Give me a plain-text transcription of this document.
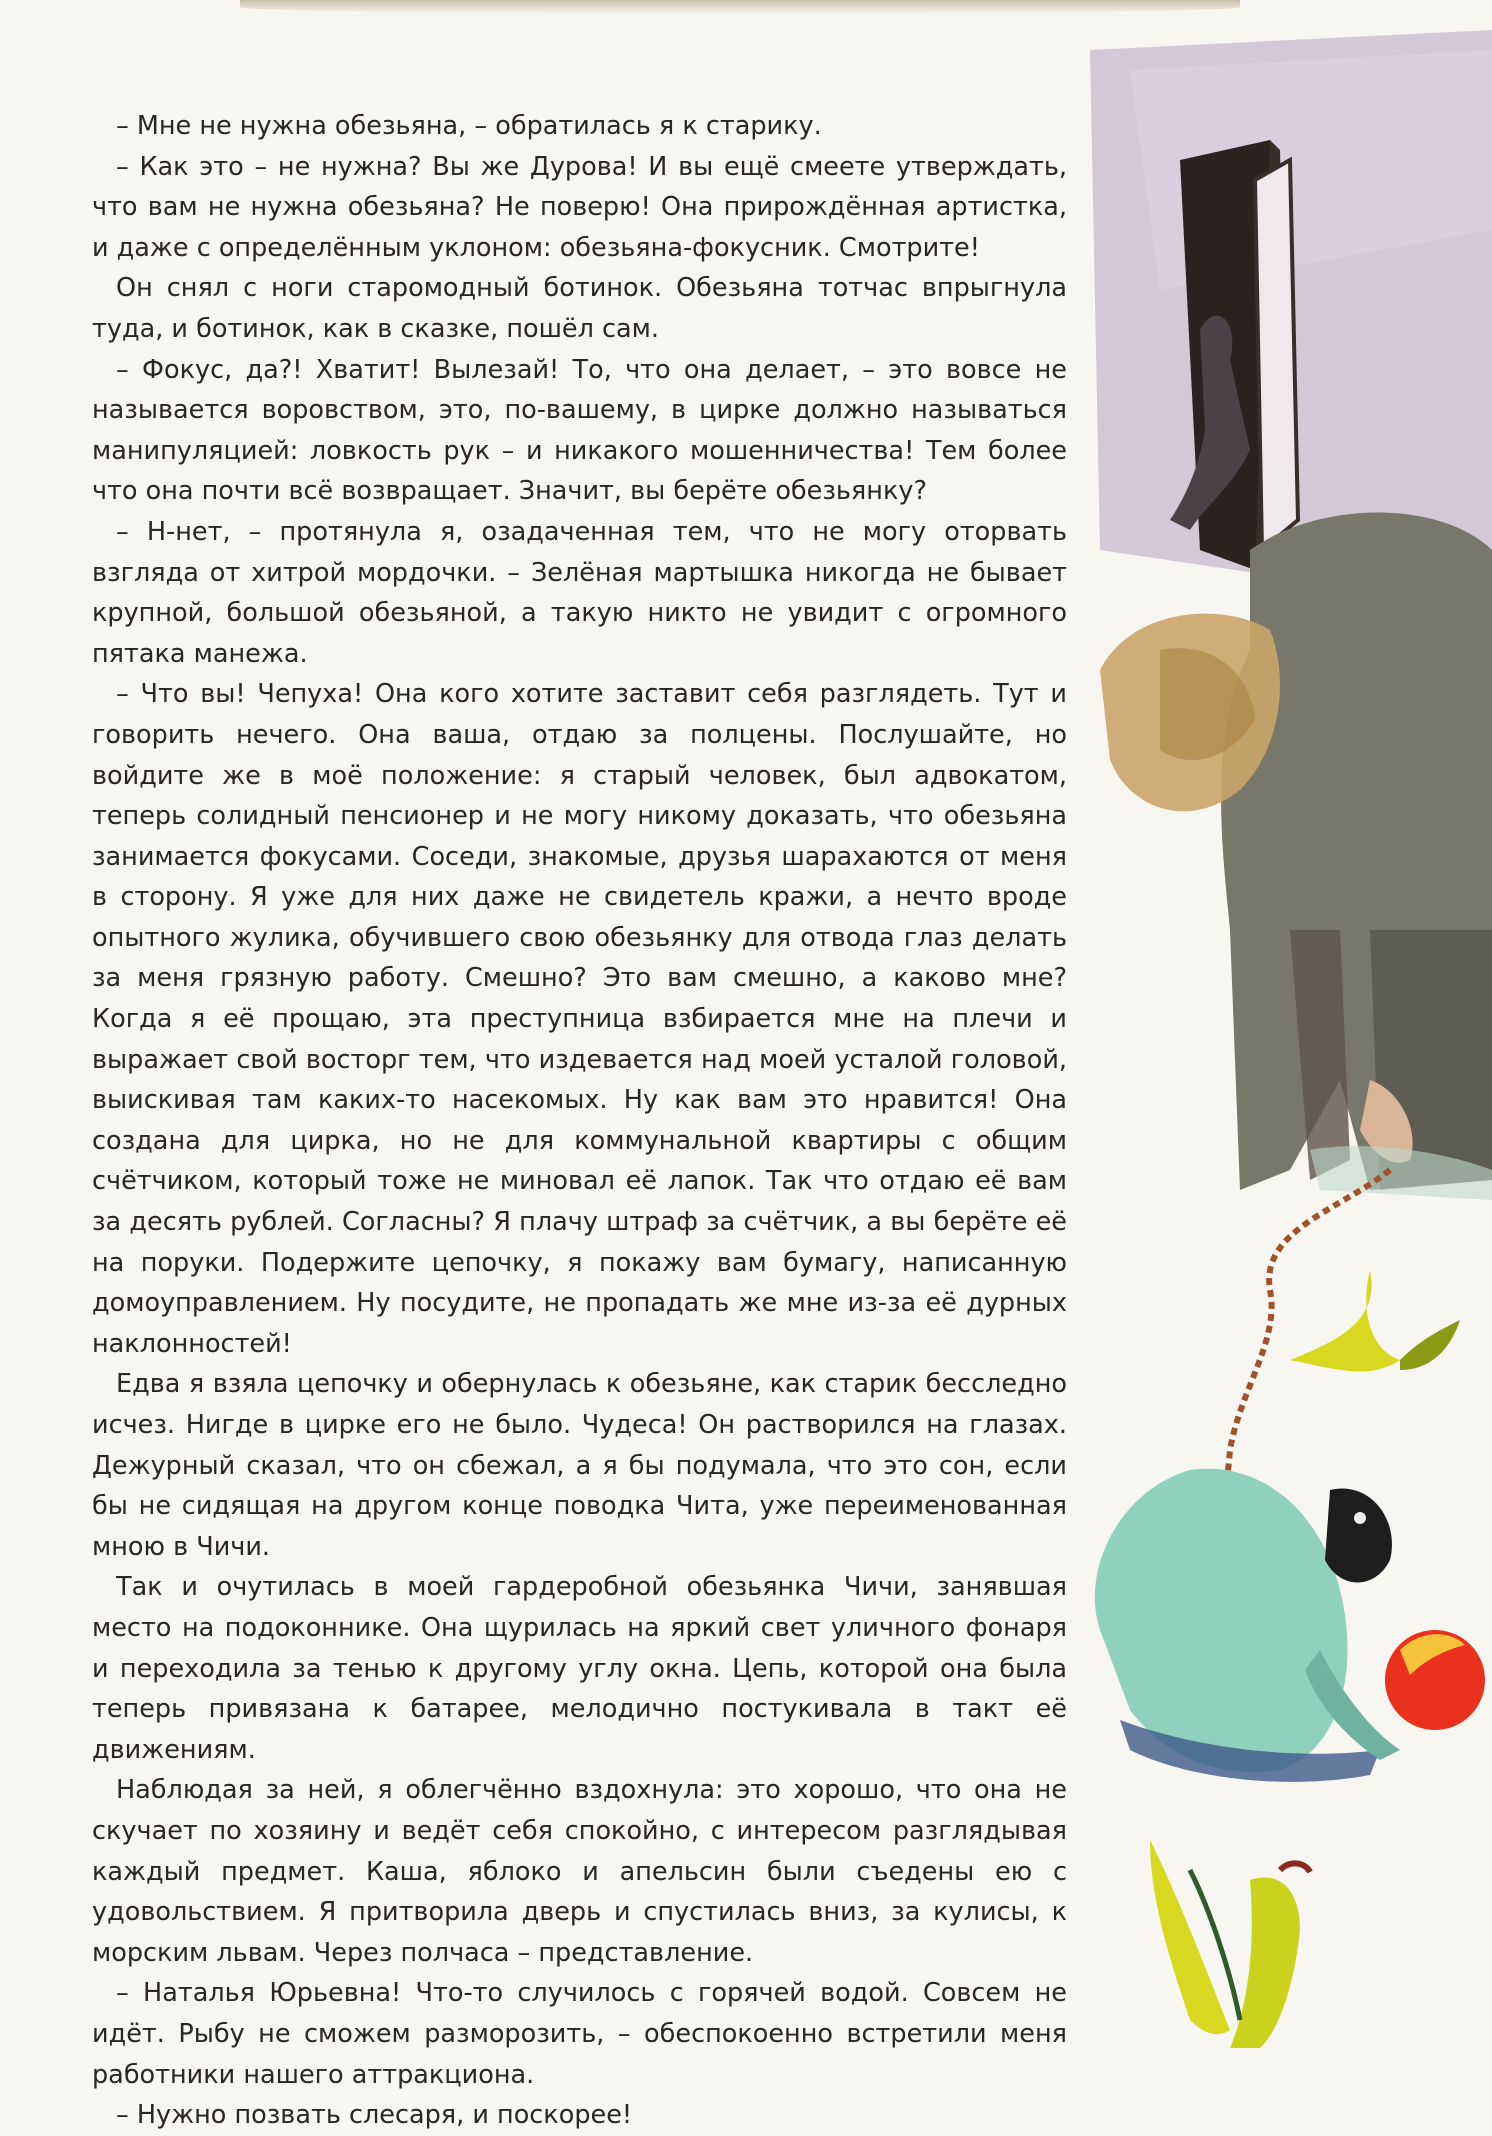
– Мне не нужна обезьяна, – обратилась я к старику.

– Как это – не нужна? Вы же Дурова! И вы ещё смеете утверждать, что вам не нужна обезьяна? Не поверю! Она прирождённая артистка, и даже с определённым уклоном: обезьяна-фокусник. Смотрите!

Он снял с ноги старомодный ботинок. Обезьяна тотчас впрыгнула туда, и ботинок, как в сказке, пошёл сам.

– Фокус, да?! Хватит! Вылезай! То, что она делает, – это вовсе не называется воровством, это, по-вашему, в цирке должно называться манипуляцией: ловкость рук – и никакого мошенничества! Тем более что она почти всё возвращает. Значит, вы берёте обезьянку?

– Н-нет, – протянула я, озадаченная тем, что не могу оторвать взгляда от хитрой мордочки. – Зелёная мартышка никогда не бывает крупной, большой обезьяной, а такую никто не увидит с огромного пятака манежа.

– Что вы! Чепуха! Она кого хотите заставит себя разглядеть. Тут и говорить нечего. Она ваша, отдаю за полцены. Послушайте, но войдите же в моё положение: я старый человек, был адвокатом, теперь солидный пенсионер и не могу никому доказать, что обезьяна занимается фокусами. Соседи, знакомые, друзья шарахаются от меня в сторону. Я уже для них даже не свидетель кражи, а нечто вроде опытного жулика, обучившего свою обезьянку для отвода глаз делать за меня грязную работу. Смешно? Это вам смешно, а каково мне? Когда я её прощаю, эта преступница взбирается мне на плечи и выражает свой восторг тем, что издевается над моей усталой головой, выискивая там каких-то насекомых. Ну как вам это нравится! Она создана для цирка, но не для коммунальной квартиры с общим счётчиком, который тоже не миновал её лапок. Так что отдаю её вам за десять рублей. Согласны? Я плачу штраф за счётчик, а вы берёте её на поруки. Подержите цепочку, я покажу вам бумагу, написанную домоуправлением. Ну посудите, не пропадать же мне из-за её дурных наклонностей!

Едва я взяла цепочку и обернулась к обезьяне, как старик бесследно исчез. Нигде в цирке его не было. Чудеса! Он растворился на глазах. Дежурный сказал, что он сбежал, а я бы подумала, что это сон, если бы не сидящая на другом конце поводка Чита, уже переименованная мною в Чичи.

Так и очутилась в моей гардеробной обезьянка Чичи, занявшая место на подоконнике. Она щурилась на яркий свет уличного фонаря и переходила за тенью к другому углу окна. Цепь, которой она была теперь привязана к батарее, мелодично постукивала в такт её движениям.

Наблюдая за ней, я облегчённо вздохнула: это хорошо, что она не скучает по хозяину и ведёт себя спокойно, с интересом разглядывая каждый предмет. Каша, яблоко и апельсин были съедены ею с удовольствием. Я притворила дверь и спустилась вниз, за кулисы, к морским львам. Через полчаса – представление.

– Наталья Юрьевна! Что-то случилось с горячей водой. Совсем не идёт. Рыбу не сможем разморозить, – обеспокоенно встретили меня работники нашего аттракциона.

– Нужно позвать слесаря, и поскорее!
